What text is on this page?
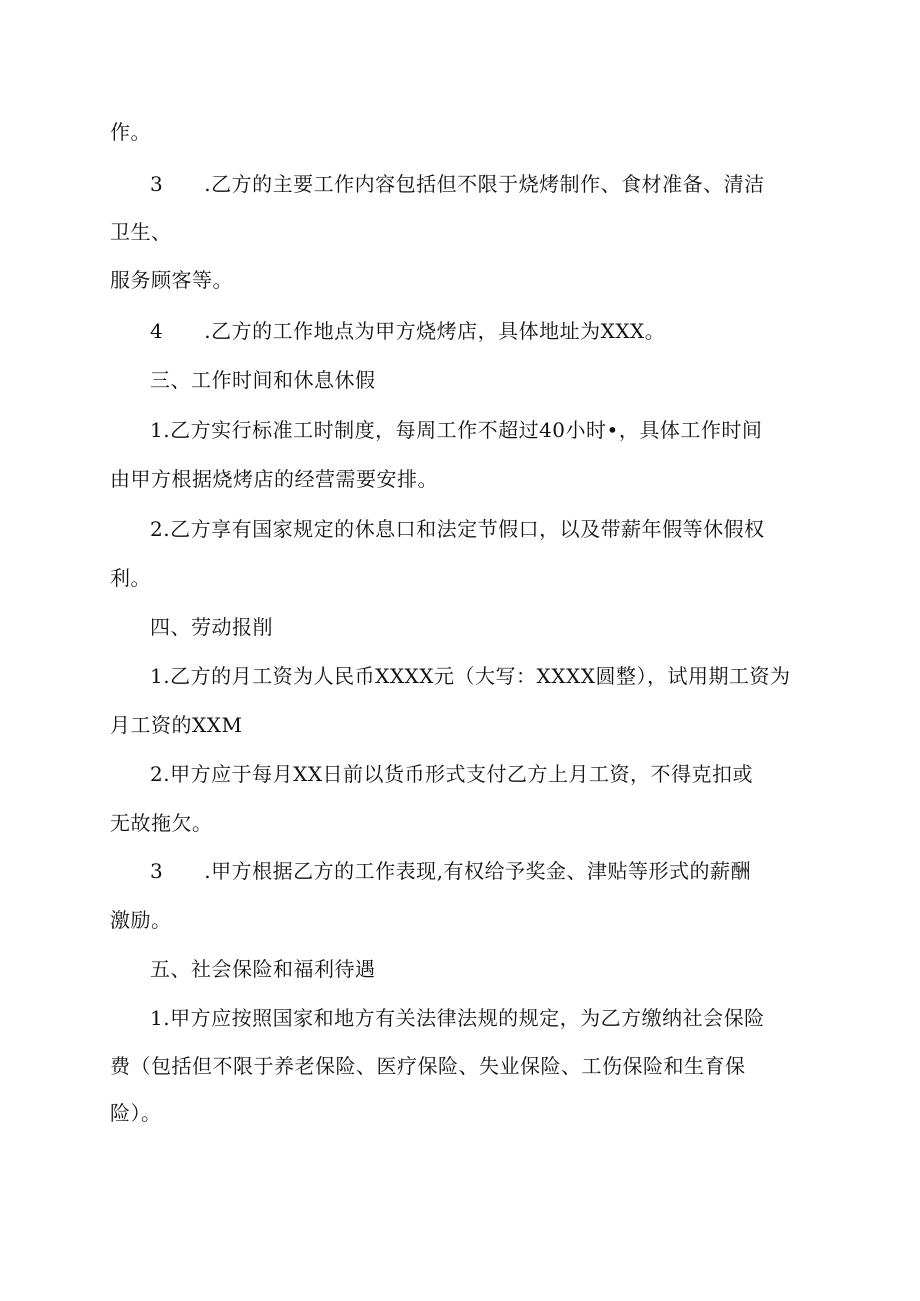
作。
3　　.乙方的主要工作内容包括但不限于烧烤制作、食材准备、清洁
卫生、
服务顾客等。
4　　.乙方的工作地点为甲方烧烤店，具体地址为XXX。
三、工作时间和休息休假
1.乙方实行标准工时制度，每周工作不超过40小时•，具体工作时间
由甲方根据烧烤店的经营需要安排。
2.乙方享有国家规定的休息口和法定节假口，以及带薪年假等休假权
利。
四、劳动报削
1.乙方的月工资为人民币XXXX元（大写：XXXX圆整），试用期工资为
月工资的XXM
2.甲方应于每月XX日前以货币形式支付乙方上月工资，不得克扣或
无故拖欠。
3　　.甲方根据乙方的工作表现,有权给予奖金、津贴等形式的薪酬
激励。
五、社会保险和福利待遇
1.甲方应按照国家和地方有关法律法规的规定，为乙方缴纳社会保险
费（包括但不限于养老保险、医疗保险、失业保险、工伤保险和生育保
险）。
